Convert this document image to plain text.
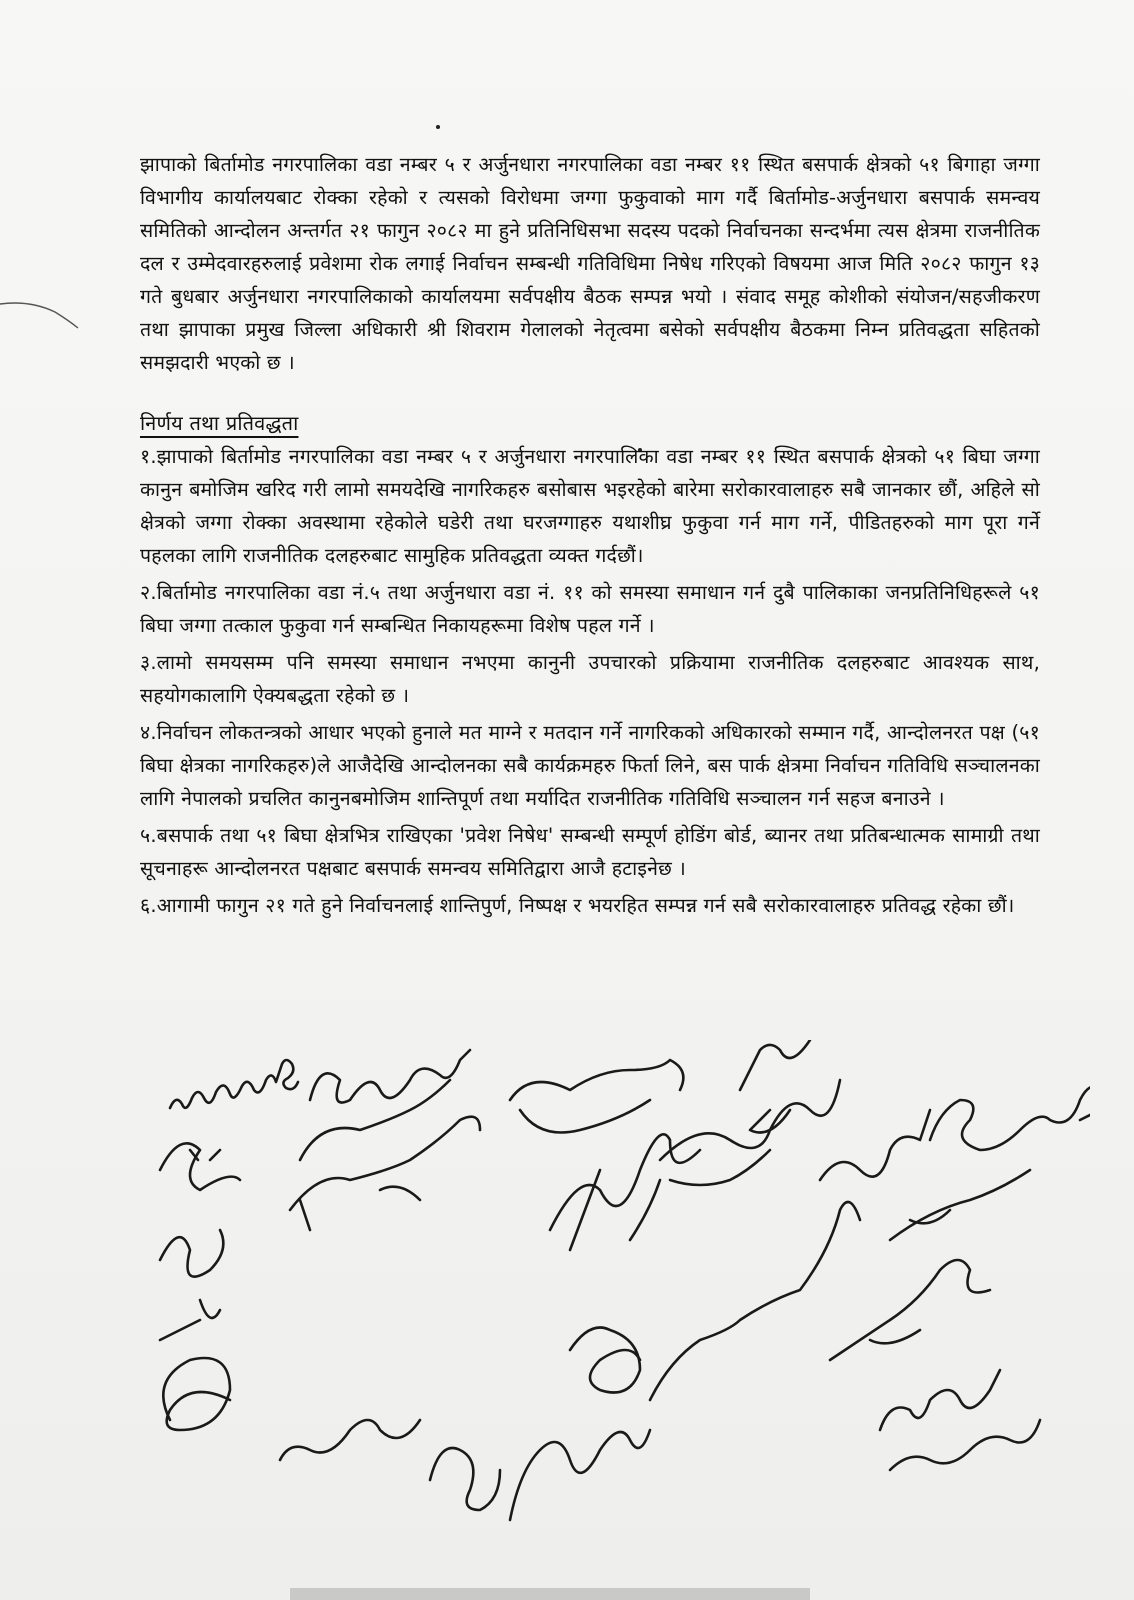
झापाको बिर्तामोड नगरपालिका वडा नम्बर ५ र अर्जुनधारा नगरपालिका वडा नम्बर ११ स्थित बसपार्क क्षेत्रको ५१ बिगाहा जग्गा विभागीय कार्यालयबाट रोक्का रहेको र त्यसको विरोधमा जग्गा फुकुवाको माग गर्दै बिर्तामोड-अर्जुनधारा बसपार्क समन्वय समितिको आन्दोलन अन्तर्गत २१ फागुन २०८२ मा हुने प्रतिनिधिसभा सदस्य पदको निर्वाचनका सन्दर्भमा त्यस क्षेत्रमा राजनीतिक दल र उम्मेदवारहरुलाई प्रवेशमा रोक लगाई निर्वाचन सम्बन्धी गतिविधिमा निषेध गरिएको विषयमा आज मिति २०८२ फागुन १३ गते बुधबार अर्जुनधारा नगरपालिकाको कार्यालयमा सर्वपक्षीय बैठक सम्पन्न भयो । संवाद समूह कोशीको संयोजन/सहजीकरण तथा झापाका प्रमुख जिल्ला अधिकारी श्री शिवराम गेलालको नेतृत्वमा बसेको सर्वपक्षीय बैठकमा निम्न प्रतिवद्धता सहितको समझदारी भएको छ ।

निर्णय तथा प्रतिवद्धता

१.झापाको बिर्तामोड नगरपालिका वडा नम्बर ५ र अर्जुनधारा नगरपालिका वडा नम्बर ११ स्थित बसपार्क क्षेत्रको ५१ बिघा जग्गा कानुन बमोजिम खरिद गरी लामो समयदेखि नागरिकहरु बसोबास भइरहेको बारेमा सरोकारवालाहरु सबै जानकार छौं, अहिले सो क्षेत्रको जग्गा रोक्का अवस्थामा रहेकोले घडेरी तथा घरजग्गाहरु यथाशीघ्र फुकुवा गर्न माग गर्ने, पीडितहरुको माग पूरा गर्ने पहलका लागि राजनीतिक दलहरुबाट सामुहिक प्रतिवद्धता व्यक्त गर्दछौं।

२.बिर्तामोड नगरपालिका वडा नं.५ तथा अर्जुनधारा वडा नं. ११ को समस्या समाधान गर्न दुबै पालिकाका जनप्रतिनिधिहरूले ५१ बिघा जग्गा तत्काल फुकुवा गर्न सम्बन्धित निकायहरूमा विशेष पहल गर्ने ।

३.लामो समयसम्म पनि समस्या समाधान नभएमा कानुनी उपचारको प्रक्रियामा राजनीतिक दलहरुबाट आवश्यक साथ, सहयोगकालागि ऐक्यबद्धता रहेको छ ।

४.निर्वाचन लोकतन्त्रको आधार भएको हुनाले मत माग्ने र मतदान गर्ने नागरिकको अधिकारको सम्मान गर्दै, आन्दोलनरत पक्ष (५१ बिघा क्षेत्रका नागरिकहरु)ले आजैदेखि आन्दोलनका सबै कार्यक्रमहरु फिर्ता लिने, बस पार्क क्षेत्रमा निर्वाचन गतिविधि सञ्चालनका लागि नेपालको प्रचलित कानुनबमोजिम शान्तिपूर्ण तथा मर्यादित राजनीतिक गतिविधि सञ्चालन गर्न सहज बनाउने ।

५.बसपार्क तथा ५१ बिघा क्षेत्रभित्र राखिएका 'प्रवेश निषेध' सम्बन्धी सम्पूर्ण होडिंग बोर्ड, ब्यानर तथा प्रतिबन्धात्मक सामाग्री तथा सूचनाहरू आन्दोलनरत पक्षबाट बसपार्क समन्वय समितिद्वारा आजै हटाइनेछ ।

६.आगामी फागुन २१ गते हुने निर्वाचनलाई शान्तिपुर्ण, निष्पक्ष र भयरहित सम्पन्न गर्न सबै सरोकारवालाहरु प्रतिवद्ध रहेका छौं।
